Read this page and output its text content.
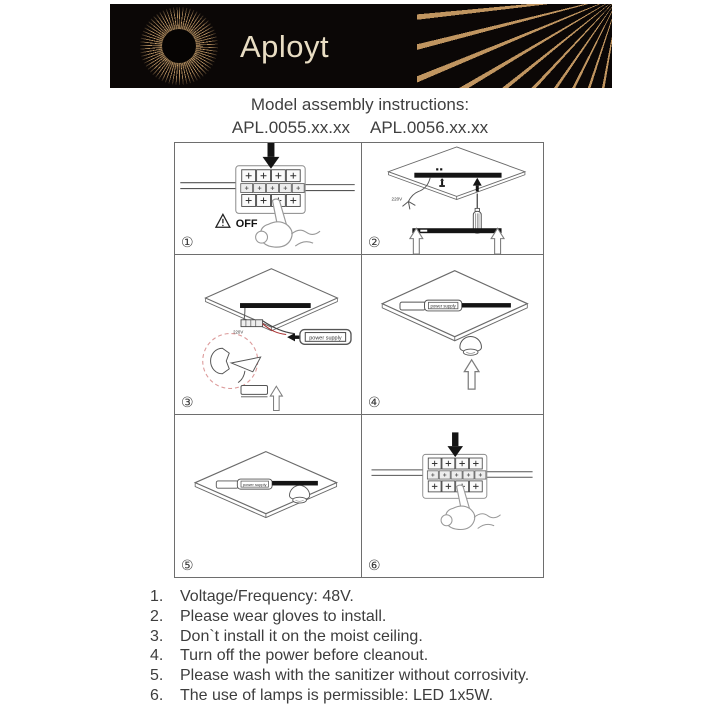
Aployt
Model assembly instructions:
APL.0055.xx.xx APL.0056.xx.xx
OFF
①
220V
②
220V
power supply
③
power supply
④
power supply
⑤	⑥
1.	Voltage/Frequency: 48V.
2.	Please wear gloves to install.
3.	Don`t install it on the moist ceiling.
4.	Turn off the power before cleanout.
5.	Please wash with the sanitizer without corrosivity.
6.	The use of lamps is permissible: LED 1x5W.
